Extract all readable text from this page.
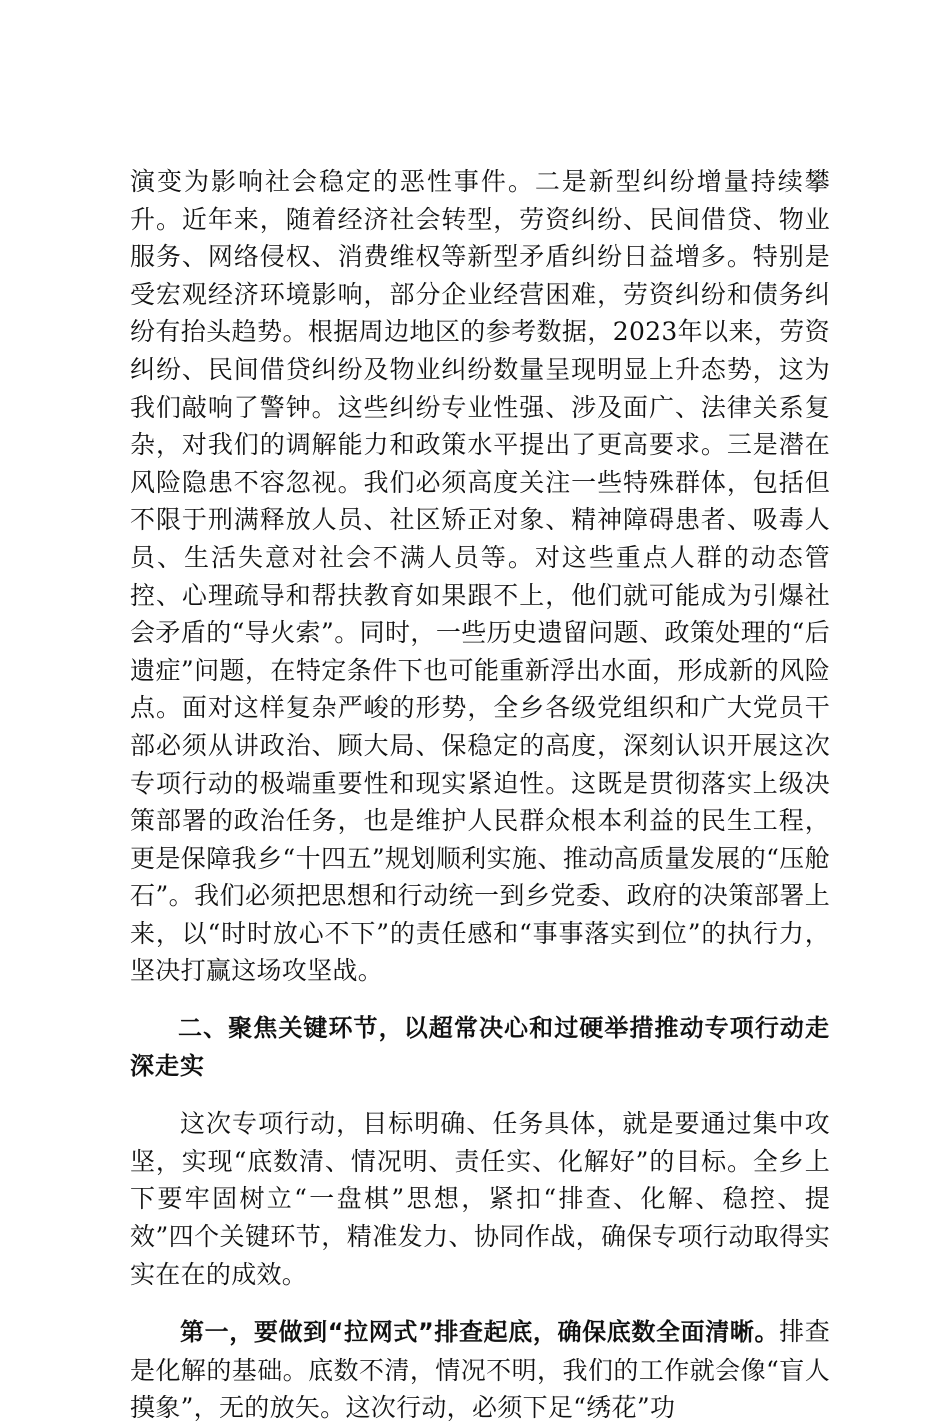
演变为影响社会稳定的恶性事件。二是新型纠纷增量持续攀升。近年来，随着经济社会转型，劳资纠纷、民间借贷、物业服务、网络侵权、消费维权等新型矛盾纠纷日益增多。特别是受宏观经济环境影响，部分企业经营困难，劳资纠纷和债务纠纷有抬头趋势。根据周边地区的参考数据，2023年以来，劳资纠纷、民间借贷纠纷及物业纠纷数量呈现明显上升态势，这为我们敲响了警钟。这些纠纷专业性强、涉及面广、法律关系复杂，对我们的调解能力和政策水平提出了更高要求。三是潜在风险隐患不容忽视。我们必须高度关注一些特殊群体，包括但不限于刑满释放人员、社区矫正对象、精神障碍患者、吸毒人员、生活失意对社会不满人员等。对这些重点人群的动态管控、心理疏导和帮扶教育如果跟不上，他们就可能成为引爆社会矛盾的“导火索”。同时，一些历史遗留问题、政策处理的“后遗症”问题，在特定条件下也可能重新浮出水面，形成新的风险点。面对这样复杂严峻的形势，全乡各级党组织和广大党员干部必须从讲政治、顾大局、保稳定的高度，深刻认识开展这次专项行动的极端重要性和现实紧迫性。这既是贯彻落实上级决策部署的政治任务，也是维护人民群众根本利益的民生工程，更是保障我乡“十四五”规划顺利实施、推动高质量发展的“压舱石”。我们必须把思想和行动统一到乡党委、政府的决策部署上来，以“时时放心不下”的责任感和“事事落实到位”的执行力，坚决打赢这场攻坚战。

二、聚焦关键环节，以超常决心和过硬举措推动专项行动走深走实

这次专项行动，目标明确、任务具体，就是要通过集中攻坚，实现“底数清、情况明、责任实、化解好”的目标。全乡上下要牢固树立“一盘棋”思想，紧扣“排查、化解、稳控、提效”四个关键环节，精准发力、协同作战，确保专项行动取得实实在在的成效。

第一，要做到“拉网式”排查起底，确保底数全面清晰。排查是化解的基础。底数不清，情况不明，我们的工作就会像“盲人摸象”，无的放矢。这次行动，必须下足“绣花”功
